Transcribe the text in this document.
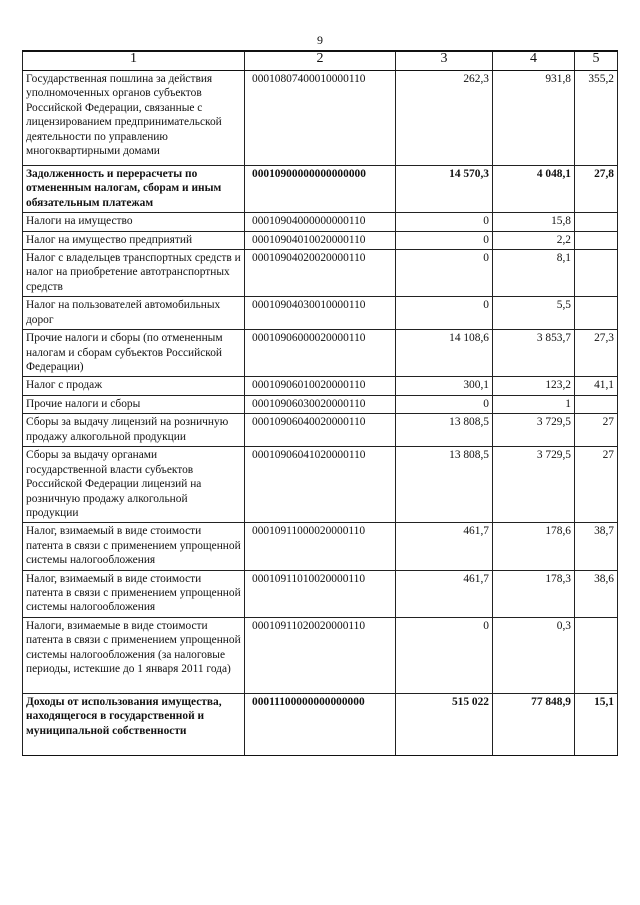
9
1	2	3	4	5
Государственная пошлина за действия уполномоченных органов субъектов Российской Федерации, связанные с лицензированием предпринимательской деятельности по управлению многоквартирными домами	00010807400010000110	262,3	931,8	355,2
Задолженность и перерасчеты по отмененным налогам, сборам и иным обязательным платежам	00010900000000000000	14 570,3	4 048,1	27,8
Налоги на имущество	00010904000000000110	0	15,8	
Налог на имущество предприятий	00010904010020000110	0	2,2	
Налог с владельцев транспортных средств и налог на приобретение автотранспортных средств	00010904020020000110	0	8,1	
Налог на пользователей автомобильных дорог	00010904030010000110	0	5,5	
Прочие налоги и сборы (по отмененным налогам и сборам субъектов Российской Федерации)	00010906000020000110	14 108,6	3 853,7	27,3
Налог с продаж	00010906010020000110	300,1	123,2	41,1
Прочие налоги и сборы	00010906030020000110	0	1	
Сборы за выдачу лицензий на розничную продажу алкогольной продукции	00010906040020000110	13 808,5	3 729,5	27
Сборы за выдачу органами государственной власти субъектов Российской Федерации лицензий на розничную продажу алкогольной продукции	00010906041020000110	13 808,5	3 729,5	27
Налог, взимаемый в виде стоимости патента в связи с применением упрощенной системы налогообложения	00010911000020000110	461,7	178,6	38,7
Налог, взимаемый в виде стоимости патента в связи с применением упрощенной системы налогообложения	00010911010020000110	461,7	178,3	38,6
Налоги, взимаемые в виде стоимости патента в связи с применением упрощенной системы налогообложения (за налоговые периоды, истекшие до 1 января 2011 года)	00010911020020000110	0	0,3	
Доходы от использования имущества, находящегося в государственной и муниципальной собственности	00011100000000000000	515 022	77 848,9	15,1
